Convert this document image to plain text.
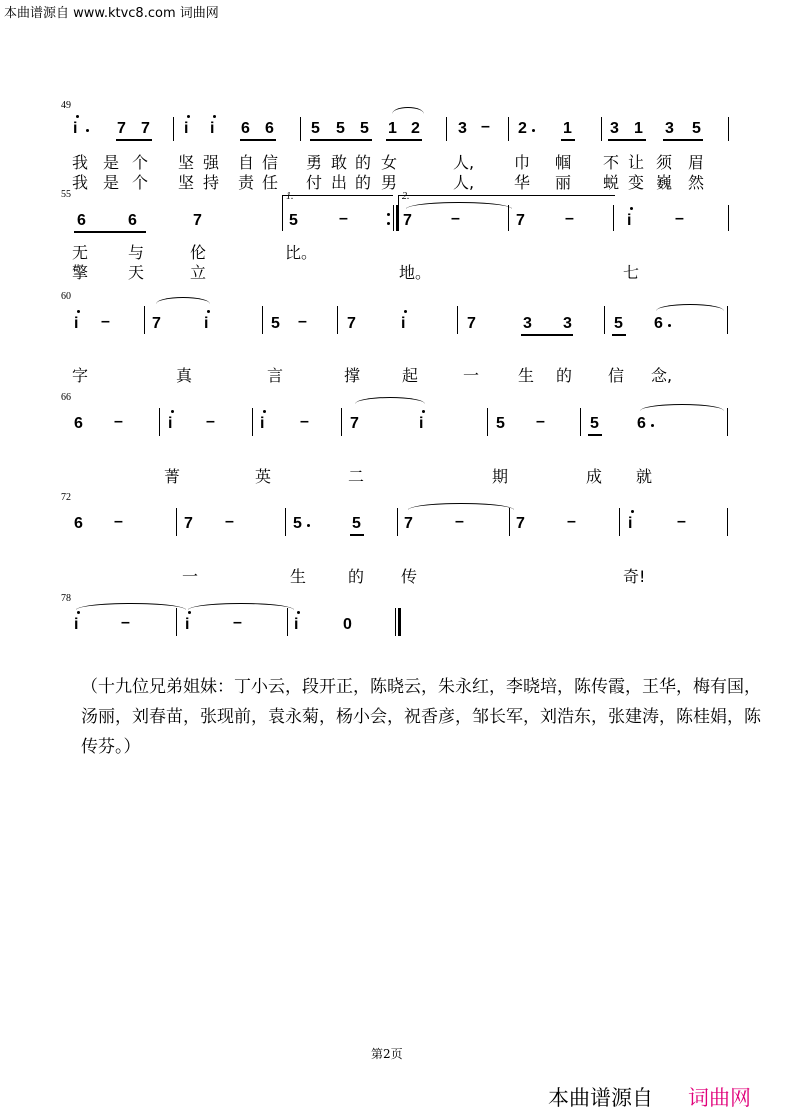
本曲谱源自 www.ktvc8.com 词曲网
49
i 7 7 i i 6 6 5 5 5 1 2 3 – 2 1 3 1 3 5
我 是 个 坚 强 自 信 勇 敢 的 女	人, 巾 帼 不 让 须 眉
我 是 个 坚 持 责 任 付 出 的 男	人, 华 丽 蜕 变 巍 然
55	1.	2.
6	6	7	5	–	7 –	7	–	i	–
无 与	伦	比。
擎 天	立	地。	七
60
i –	7	i	5 –	7	i	7	3 3	5 6
字	真	言	撑	起	一 生 的 信 念,
66
6 –	i –	i –	7	i	5 –	5 6
菁	英	二	期	成 就
72
6 –	7 –	5	5	7	–	7	–	i	–
一	生	的 传	奇!
78
i	–	i	–	i	0
（十九位兄弟姐妹：丁小云，段开正，陈晓云，朱永红，李晓培，陈传霞，王华，梅有国，汤丽，刘春苗，张现前，袁永菊，杨小会，祝香彦，邹长军，刘浩东，张建涛，陈桂娟，陈传芬。）
第2页
本曲谱源自 词曲网
